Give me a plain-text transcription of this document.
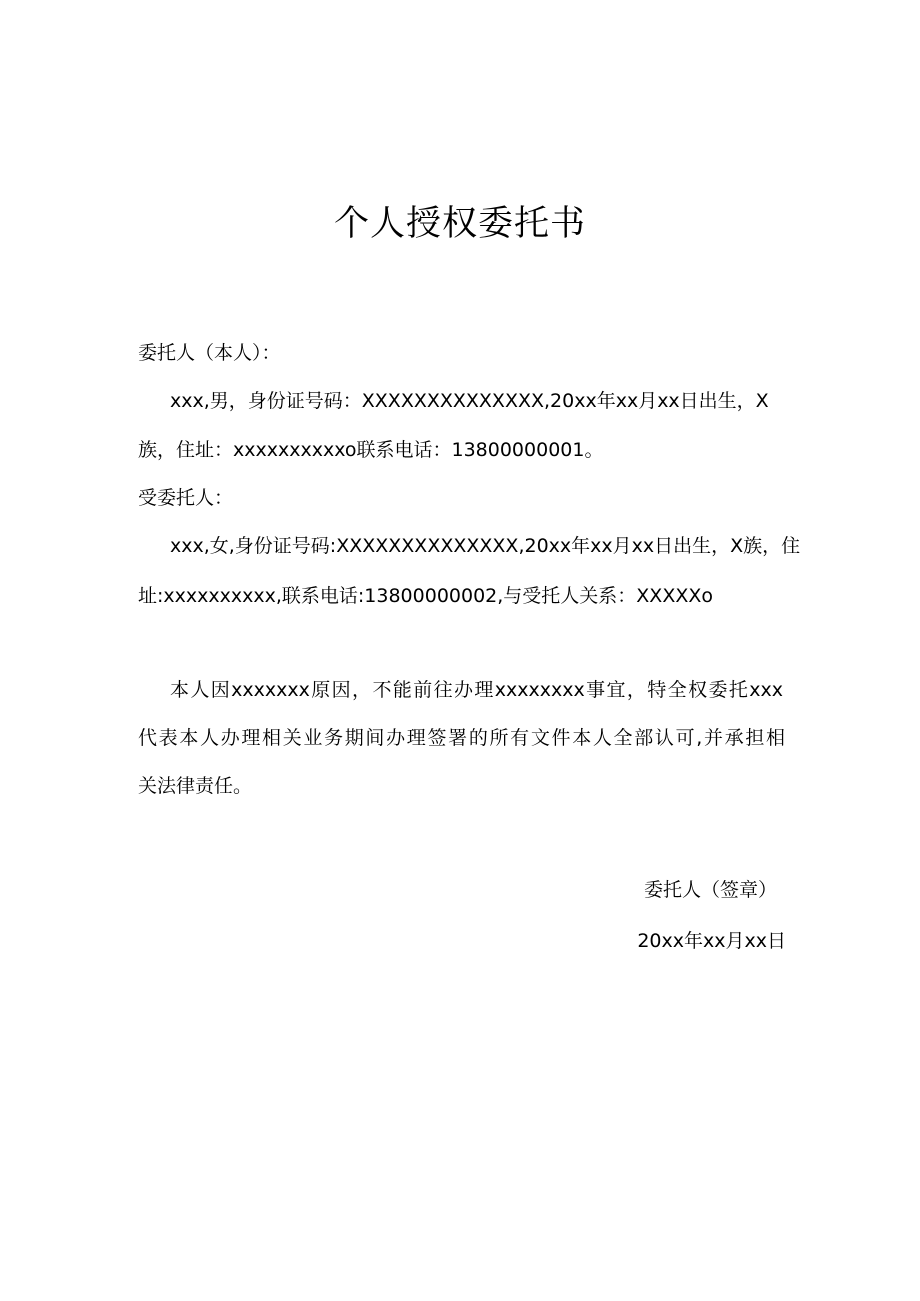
个人授权委托书
委托人（本人）：
xxx,男，身份证号码：XXXXXXXXXXXXXX,20xx年xx月xx日出生，X
族，住址：xxxxxxxxxxo联系电话：13800000001。
受委托人：
xxx,女,身份证号码:XXXXXXXXXXXXXX,20xx年xx月xx日出生，X族，住
址:xxxxxxxxxx,联系电话:13800000002,与受托人关系：XXXXXo
本人因xxxxxxx原因，不能前往办理xxxxxxxx事宜，特全权委托xxx
代表本人办理相关业务期间办理签署的所有文件本人全部认可,并承担相
关法律责任。
委托人（签章）
20xx年xx月xx日
